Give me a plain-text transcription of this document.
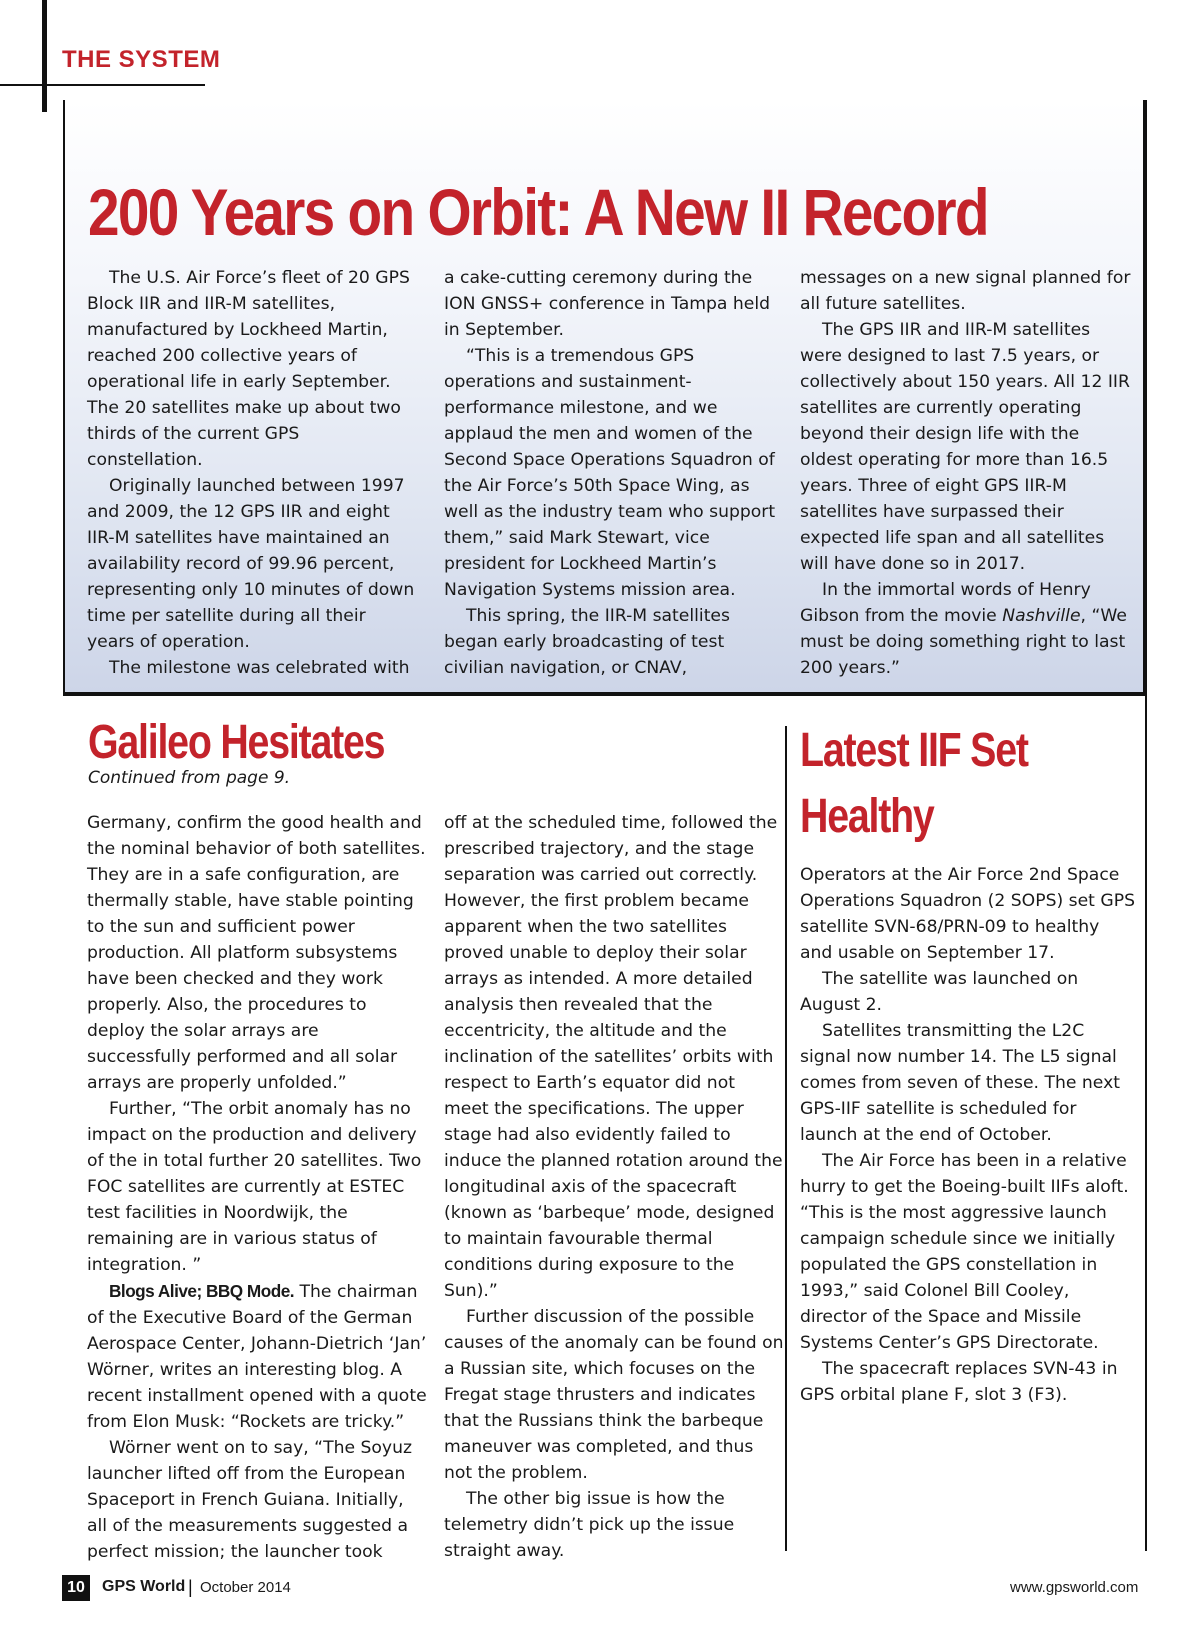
THE SYSTEM
200 Years on Orbit: A New II Record

The U.S. Air Force’s fleet of 20 GPS Block IIR and IIR-M satellites, manufactured by Lockheed Martin, reached 200 collective years of operational life in early September. The 20 satellites make up about two thirds of the current GPS constellation.

Originally launched between 1997 and 2009, the 12 GPS IIR and eight IIR-M satellites have maintained an availability record of 99.96 percent, representing only 10 minutes of down time per satellite during all their years of operation.

The milestone was celebrated with

a cake-cutting ceremony during the ION GNSS+ conference in Tampa held in September.

“This is a tremendous GPS operations and sustainment-performance milestone, and we applaud the men and women of the Second Space Operations Squadron of the Air Force’s 50th Space Wing, as well as the industry team who support them,” said Mark Stewart, vice president for Lockheed Martin’s Navigation Systems mission area.

This spring, the IIR-M satellites began early broadcasting of test civilian navigation, or CNAV,

messages on a new signal planned for all future satellites.

The GPS IIR and IIR-M satellites were designed to last 7.5 years, or collectively about 150 years. All 12 IIR satellites are currently operating beyond their design life with the oldest operating for more than 16.5 years. Three of eight GPS IIR-M satellites have surpassed their expected life span and all satellites will have done so in 2017.

In the immortal words of Henry Gibson from the movie Nashville, “We must be doing something right to last 200 years.”

Galileo Hesitates
Continued from page 9.

Germany, confirm the good health and the nominal behavior of both satellites. They are in a safe configuration, are thermally stable, have stable pointing to the sun and sufficient power production. All platform subsystems have been checked and they work properly. Also, the procedures to deploy the solar arrays are successfully performed and all solar arrays are properly unfolded.”

Further, “The orbit anomaly has no impact on the production and delivery of the in total further 20 satellites. Two FOC satellites are currently at ESTEC test facilities in Noordwijk, the remaining are in various status of integration. ”

Blogs Alive; BBQ Mode. The chairman of the Executive Board of the German Aerospace Center, Johann-Dietrich ‘Jan’ Wörner, writes an interesting blog. A recent installment opened with a quote from Elon Musk: “Rockets are tricky.”

Wörner went on to say, “The Soyuz launcher lifted off from the European Spaceport in French Guiana. Initially, all of the measurements suggested a perfect mission; the launcher took

off at the scheduled time, followed the prescribed trajectory, and the stage separation was carried out correctly. However, the first problem became apparent when the two satellites proved unable to deploy their solar arrays as intended. A more detailed analysis then revealed that the eccentricity, the altitude and the inclination of the satellites’ orbits with respect to Earth’s equator did not meet the specifications. The upper stage had also evidently failed to induce the planned rotation around the longitudinal axis of the spacecraft (known as ‘barbeque’ mode, designed to maintain favourable thermal conditions during exposure to the Sun).”

Further discussion of the possible causes of the anomaly can be found on a Russian site, which focuses on the Fregat stage thrusters and indicates that the Russians think the barbeque maneuver was completed, and thus not the problem.

The other big issue is how the telemetry didn’t pick up the issue straight away.

Latest IIF Set
Healthy

Operators at the Air Force 2nd Space Operations Squadron (2 SOPS) set GPS satellite SVN-68/PRN-09 to healthy and usable on September 17.

The satellite was launched on August 2.

Satellites transmitting the L2C signal now number 14. The L5 signal comes from seven of these. The next GPS-IIF satellite is scheduled for launch at the end of October.

The Air Force has been in a relative hurry to get the Boeing-built IIFs aloft. “This is the most aggressive launch campaign schedule since we initially populated the GPS constellation in 1993,” said Colonel Bill Cooley, director of the Space and Missile Systems Center’s GPS Directorate.

The spacecraft replaces SVN-43 in GPS orbital plane F, slot 3 (F3).

10	GPS World | October 2014	www.gpsworld.com
